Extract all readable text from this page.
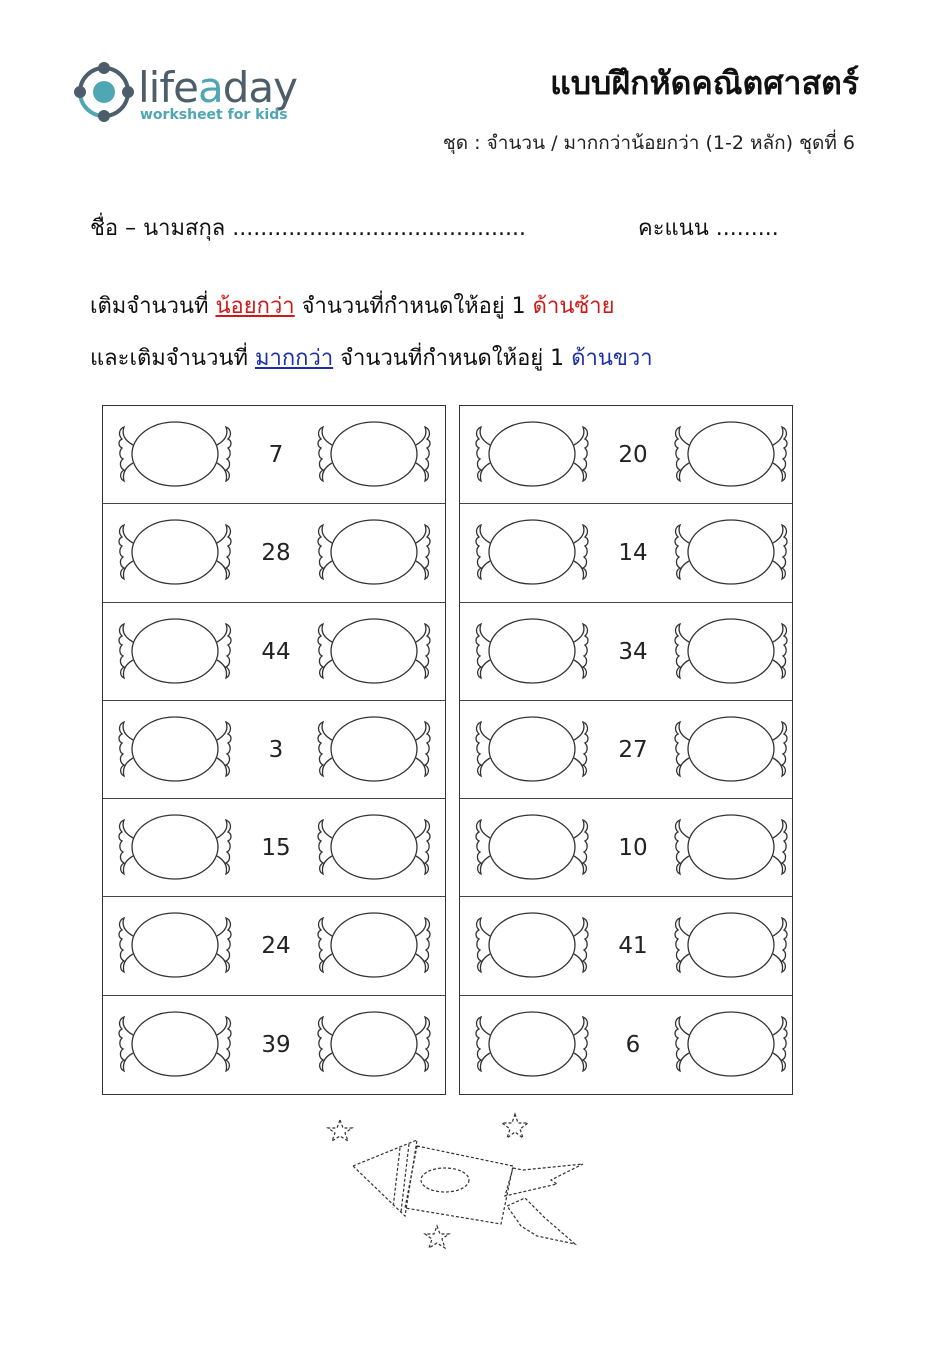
lifeaday
worksheet for kids
แบบฝึกหัดคณิตศาสตร์
ชุด : จำนวน / มากกว่าน้อยกว่า (1-2 หลัก) ชุดที่ 6
ชื่อ – นามสกุล ..........................................	คะแนน .........
เติมจำนวนที่ น้อยกว่า จำนวนที่กำหนดให้อยู่ 1 ด้านซ้าย
และเติมจำนวนที่ มากกว่า จำนวนที่กำหนดให้อยู่ 1 ด้านขวา
7
28
44
3
15
24
39
20
14
34
27
10
41
6
